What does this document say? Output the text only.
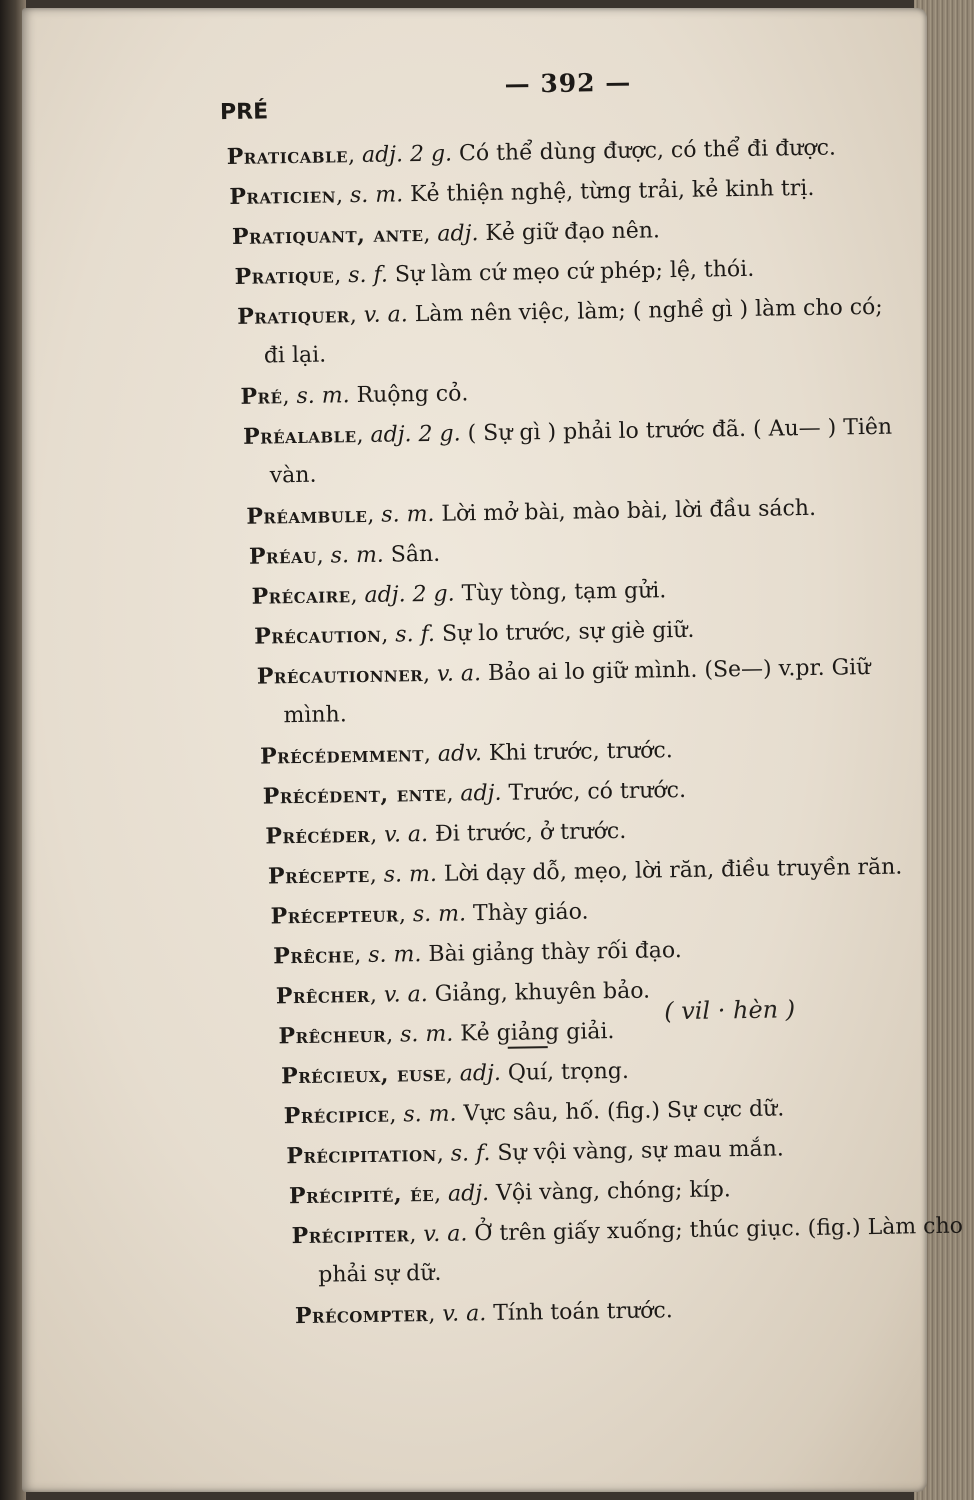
— 392 —
PRÉ
Praticable, adj. 2 g. Có thể dùng được, có thể đi được.
Praticien, s. m. Kẻ thiện nghệ, từng trải, kẻ kinh trị.
Pratiquant, ante, adj. Kẻ giữ đạo nên.
Pratique, s. f. Sự làm cứ mẹo cứ phép; lệ, thói.
Pratiquer, v. a. Làm nên việc, làm; ( nghề gì ) làm cho có;
đi lại.
Pré, s. m. Ruộng cỏ.
Préalable, adj. 2 g. ( Sự gì ) phải lo trước đã. ( Au— ) Tiên
vàn.
Préambule, s. m. Lời mở bài, mào bài, lời đầu sách.
Préau, s. m. Sân.
Précaire, adj. 2 g. Tùy tòng, tạm gửi.
Précaution, s. f. Sự lo trước, sự giè giữ.
Précautionner, v. a. Bảo ai lo giữ mình. (Se—) v.pr. Giữ
mình.
Précédemment, adv. Khi trước, trước.
Précédent, ente, adj. Trước, có trước.
Précéder, v. a. Đi trước, ở trước.
Précepte, s. m. Lời dạy dỗ, mẹo, lời răn, điều truyền răn.
Précepteur, s. m. Thày giáo.
Prêche, s. m. Bài giảng thày rối đạo.
Prêcher, v. a. Giảng, khuyên bảo.
Prêcheur, s. m. Kẻ giảng giải.
Précieux, euse, adj. Quí, trọng.
( vil · hèn )
Précipice, s. m. Vực sâu, hố. (fig.) Sự cực dữ.
Précipitation, s. f. Sự vội vàng, sự mau mắn.
Précipité, ée, adj. Vội vàng, chóng; kíp.
Précipiter, v. a. Ở trên giấy xuống; thúc giục. (fig.) Làm cho
phải sự dữ.
Précompter, v. a. Tính toán trước.
